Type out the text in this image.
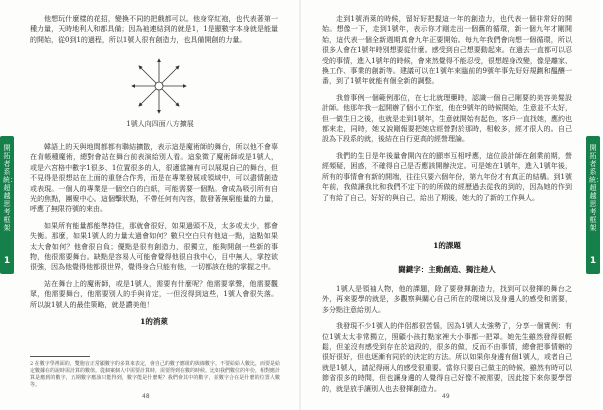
他想玩什麼樣的花招，變換不同的把戲都可以。他身穿紅袍，也代表著第一種力量，天時地利人和都具備；因為祂連結到的就是1，1是顯數字本身就是能量的開始，從0到1的過程，所以1號人很有創造力，也具備開創的力量。

1號人向四面八方擴展

韓語上的天與地間都都有聯結擴散，表示這是魔術師的舞台，所以他不會辜在肯帳種魔術，總對會站在舞台前表演給別人看。這象徵了魔術師或是1號人，或是六宮格中數字1很多、1位置很多的人，很適當擁有可以展現自己的舞台，但不見得是很想站在上面的重登合作秀，而是在專業發展或領域中，可以盡情創造或表現。一個人的專業是一個空白的白紙，可能需要一個點。會成為吸引所有自光的焦點，團聚中心。這個擊狀點，不帶任何有內容，散發著無窮能量的力量，呼應了無限符號的來由。

如果所有能量都能準持住，那就會很好，如果過頭不及，太多或太少，都會失衡。那麼，如果1號人的力量太過會如何？數只空白只有他這一點，這點如果太大會如何？他會很自負；優點是很有創造力，很獨立，能夠開創一些新的事物，他很需要舞台。缺點是容易人可能會覺得他很自我中心，目中無人，掌控欲很強，因為他覺得他都很世界，覺得身合只能有他，一切都該在他的掌握之中。

站在舞台上的魔術師，或是1號人，需要有什麼呢？他需要掌聲，他需要觀眾，他需要舞台，他需要別人的手與肯定，一但沒得到這些，1號人會很失落。所以說1號人的最佳策略，就是讚美他！

1的消萊
2 在數字學裡面的，雙胞盲正常顯數字的多算來表定，會自己的數子應組的與線數字。不要給給人數比，而要是給定數據在的說時需計算的數值。從個案個人中需要計算時，需要得到在數的時候。比如我們數位的年份，相對應計算是應到的數字，五期數字應該只能得到，數字能是什麼呢？我們會其中的數字，並數字合在是什麼的位置人數等。
48

走到1號消萊的時候，留好好把握這一年的創造力，也代表一個非常好的開始。想像一下，走到1號年，表示你才剛走出一個舊的循環，新一個九年才剛開始，這代表一個全新週期真會九年正要開始。每九年我們會向想一個循環，所以很多人會在1號年時別想要從什麼。感受到自己想要動起來。在過去一直都可以忍受的事情，進入1號年的時候，會來然覺得不能忍受，很想趕身改變，像是離家、換工作、事業的創新等。建議可以在1號年來臨前的9號年事先好好規劃和醞釀一番，到了1號年就能有個全新的調整。

我曾事例一個範例那位，在七北就理藥時，認識一個自己剛要的美容美髮設計師。他那年我一起開辦了個小工作室，他在9號年的時候開始，生意並不太好，但一做生日之後，也就是走到1號年，生意就開始有起色，客戶一直找她，應約也都來走，同時，她又說剛報要把她店經營對於那時，相較多，經才很人的。自己設為下段系的就，後結在自行更高的經營理論。

我們的生日是年後量會開內在的顯率互相呼應，這位設計師在創業前期，營經頻疑，困惑，不確得自己是否應該開辦決定。可是她在1號年，進入1號年後，所有的事情會有新的開端，往往只要六個年份，第九年份才有真正的結構。到1號年前，我做讓我比和我們不定下的的所做的經歷過去從我的到的，因為她的作到了有給了自己，好好的與自己，給出了期後，她大的了新的工作與人。

1的課題
闘鍵字：主動創造、獨注趁人

1號人是領袖人物，他的課題，除了要發揮創造力，找到可以發揮的舞台之外，再來要學的就是，多觀察與關心自己所在的環境以及身邊人的感受和需要，多分點注意給別人。

我發現不少1號人的伴侶都很苦惱，因為1號人太強勢了，分享一個實例：有位1號太太非常獨立，照顧小孩打點家裡大小事都一把罩。她先生雖然發得很輕鬆，但並沒有感受到存在於這段的，很多的做，反而不由事情，總會把事情辦的很好很好，但也逐漸有同於的決定的方法。所以如果你身邊有個1號人，或者自己就是1號人，請記得兩人的感受很重要。當你只要自己做主的時候，雖然有時可以節省很多的時間，但也讓身邊的人覺得自己好像不被需要，因此接下來你要學習的，就是放手讓別人也去發揮創造力。

49
開拓者系統：超越思考框架
1
開拓者系統：超越思考框架
1
